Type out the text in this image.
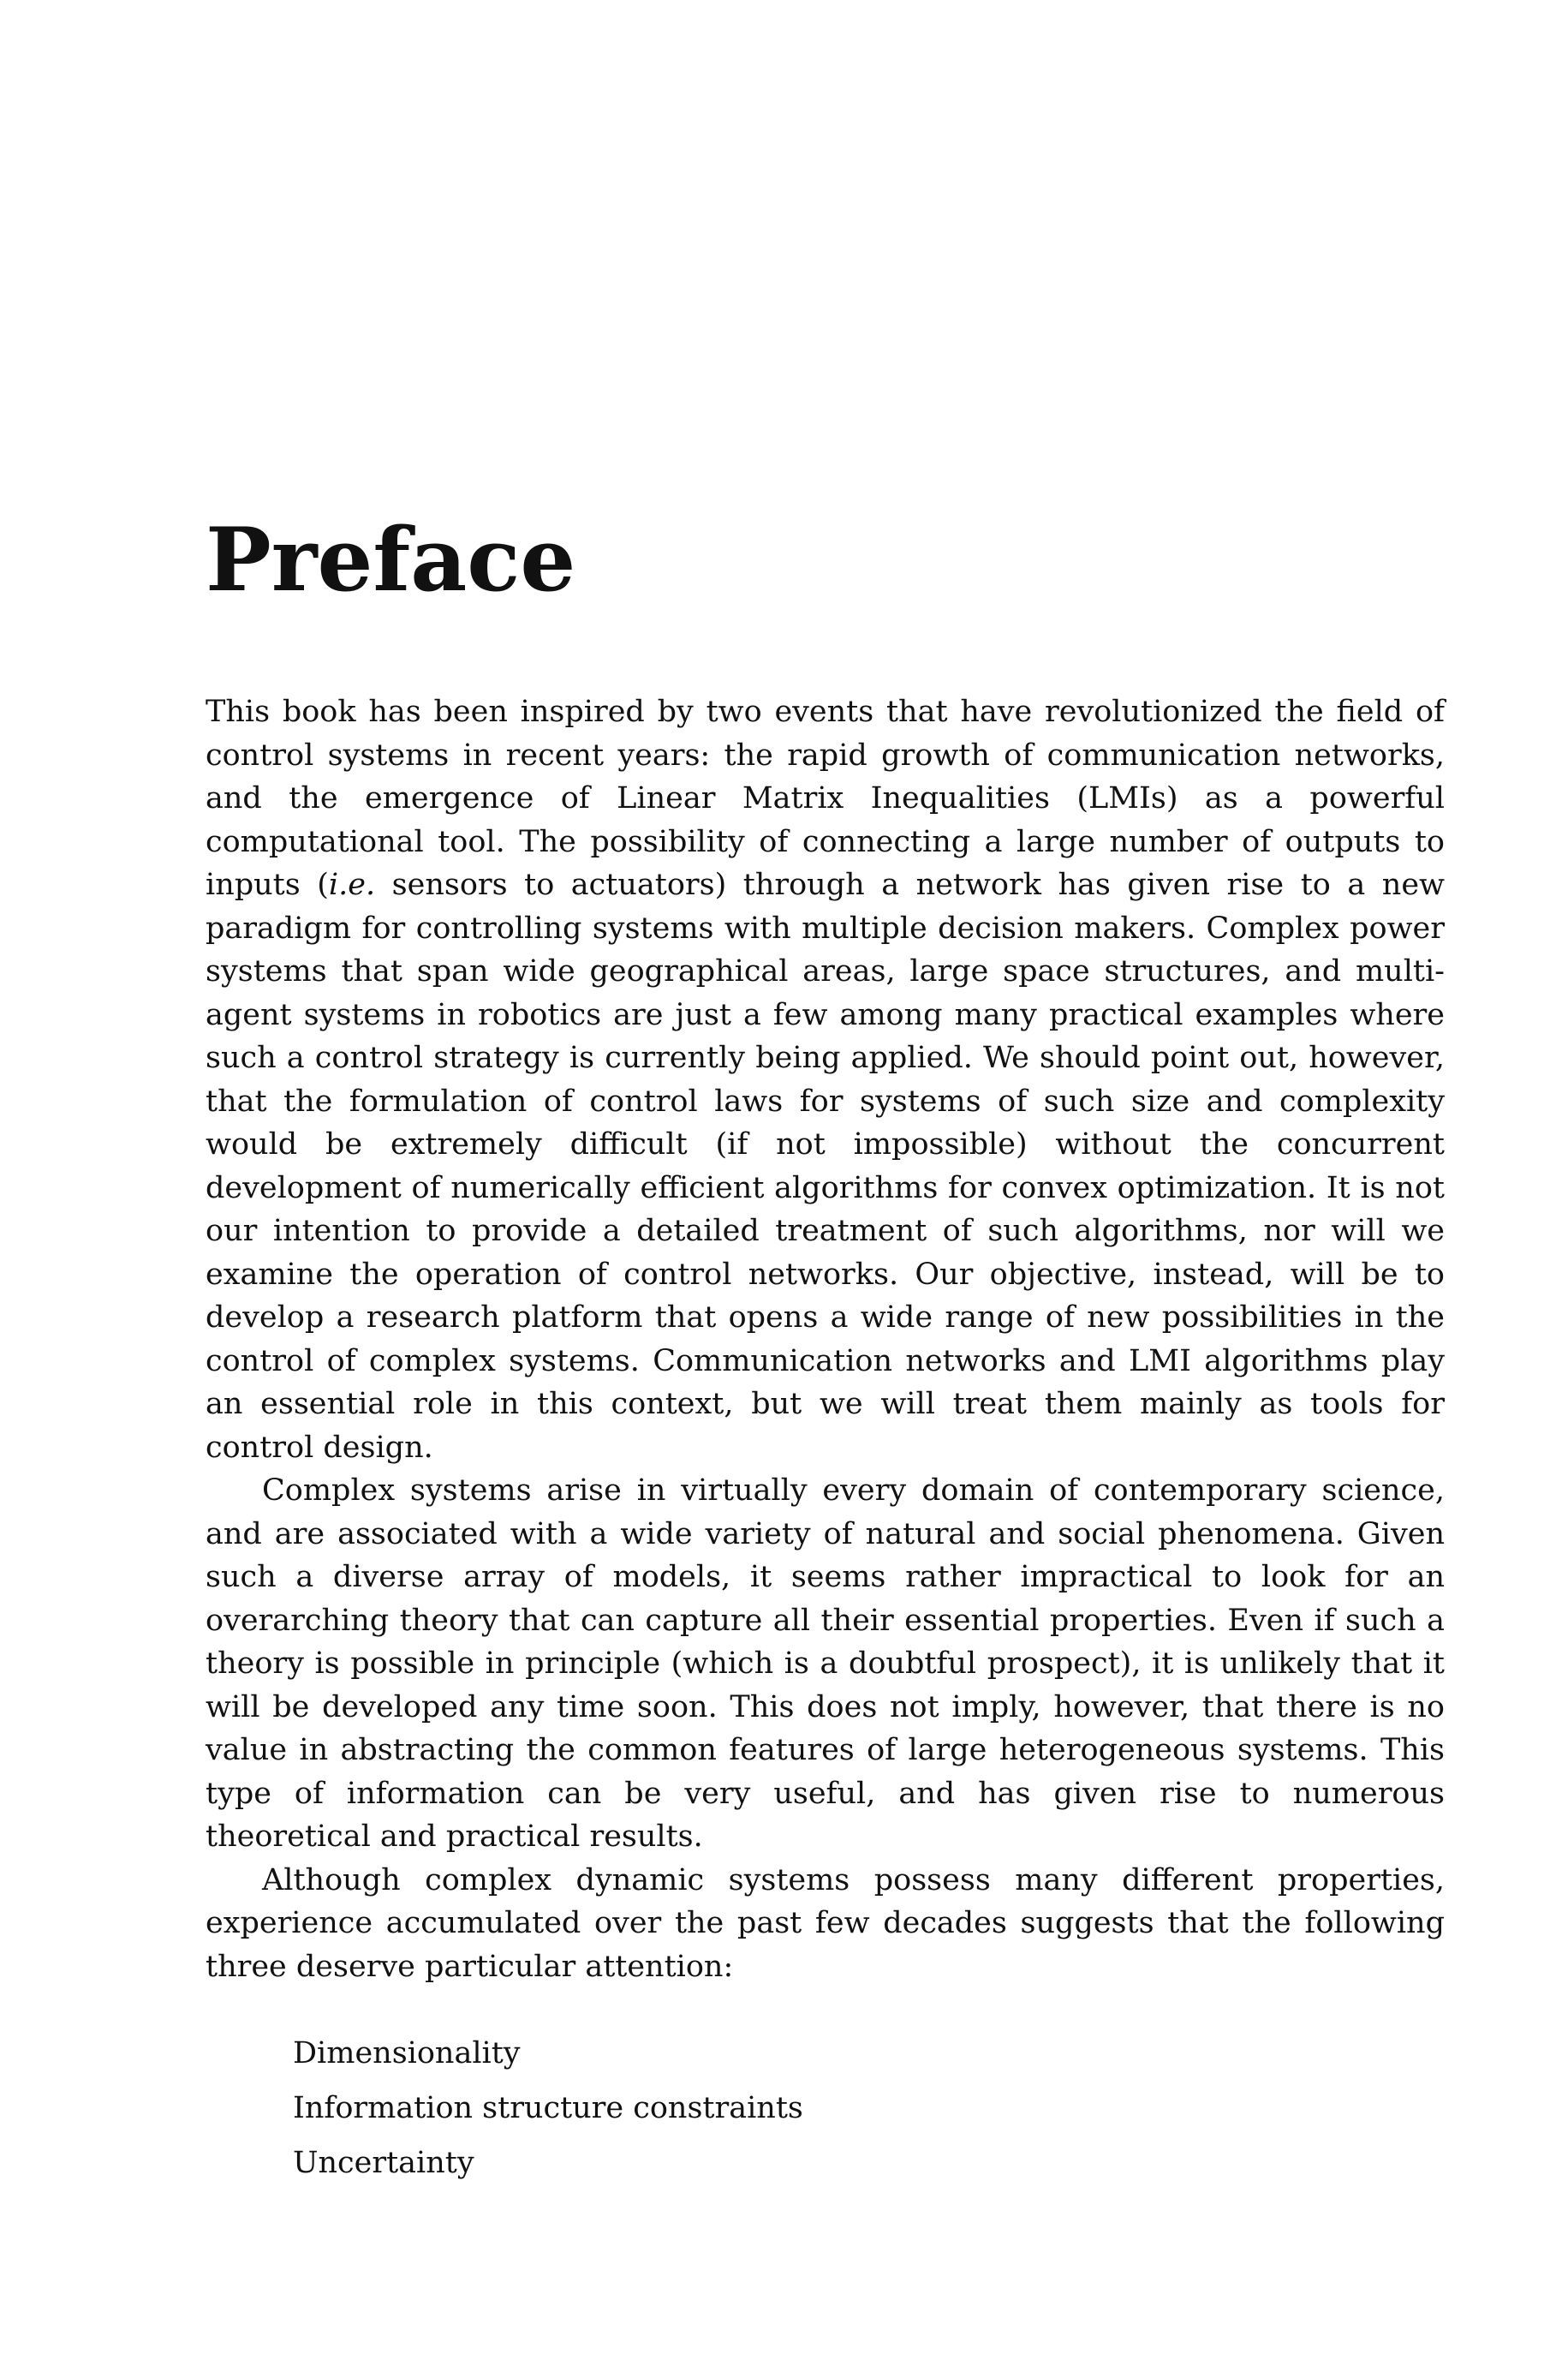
Preface

This book has been inspired by two events that have revolutionized the field of control systems in recent years: the rapid growth of communication networks, and the emergence of Linear Matrix Inequalities (LMIs) as a powerful computational tool. The possibility of connecting a large number of outputs to inputs (i.e. sensors to actuators) through a network has given rise to a new paradigm for controlling systems with multiple decision makers. Complex power systems that span wide geographical areas, large space structures, and multi-agent systems in robotics are just a few among many practical examples where such a control strategy is currently being applied. We should point out, however, that the formulation of control laws for systems of such size and complexity would be extremely difficult (if not impossible) without the concurrent development of numerically efficient algorithms for convex optimization. It is not our intention to provide a detailed treatment of such algorithms, nor will we examine the operation of control networks. Our objective, instead, will be to develop a research platform that opens a wide range of new possibilities in the control of complex systems. Communication networks and LMI algorithms play an essential role in this context, but we will treat them mainly as tools for control design.

Complex systems arise in virtually every domain of contemporary science, and are associated with a wide variety of natural and social phenomena. Given such a diverse array of models, it seems rather impractical to look for an overarching theory that can capture all their essential properties. Even if such a theory is possible in principle (which is a doubtful prospect), it is unlikely that it will be developed any time soon. This does not imply, however, that there is no value in abstracting the common features of large heterogeneous systems. This type of information can be very useful, and has given rise to numerous theoretical and practical results.

Although complex dynamic systems possess many different properties, experience accumulated over the past few decades suggests that the following three deserve particular attention:

Dimensionality
Information structure constraints
Uncertainty
